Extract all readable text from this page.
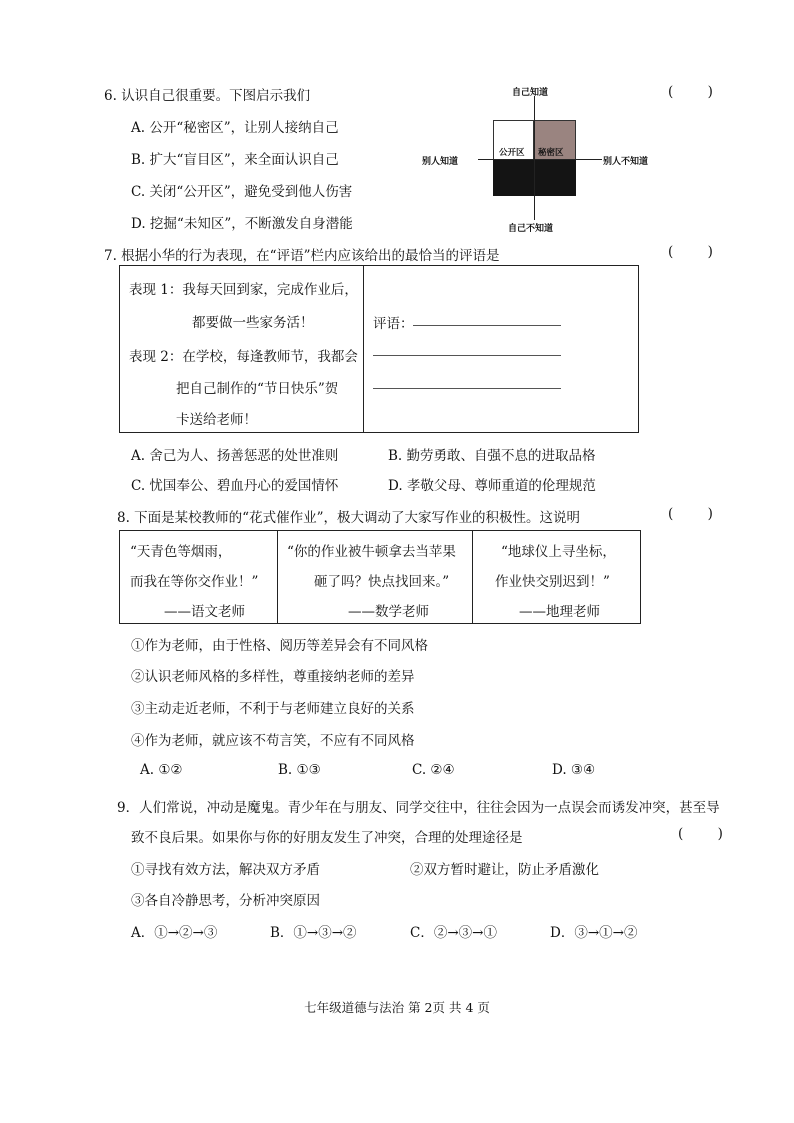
6. 认识自己很重要。下图启示我们	(        )
A. 公开“秘密区”，让别人接纳自己
B. 扩大“盲目区”，来全面认识自己
C. 关闭“公开区”，避免受到他人伤害
D. 挖掘“未知区”，不断激发自身潜能
自己知道
自己不知道
别人知道	别人不知道
公开区 秘密区
7. 根据小华的行为表现，在“评语”栏内应该给出的最恰当的评语是	(        )
表现 1：我每天回到家，完成作业后，
都要做一些家务活！
表现 2：在学校，每逢教师节，我都会
把自己制作的“节日快乐”贺
卡送给老师！
评语：
A. 舍己为人、扬善惩恶的处世准则	B. 勤劳勇敢、自强不息的进取品格
C. 忧国奉公、碧血丹心的爱国情怀	D. 孝敬父母、尊师重道的伦理规范
8. 下面是某校教师的“花式催作业”，极大调动了大家写作业的积极性。这说明	(        )
“天青色等烟雨，
而我在等你交作业！”
——语文老师
“你的作业被牛顿拿去当苹果
砸了吗？快点找回来。”
——数学老师
“地球仪上寻坐标，
作业快交别迟到！”
——地理老师
①作为老师，由于性格、阅历等差异会有不同风格
②认识老师风格的多样性，尊重接纳老师的差异
③主动走近老师，不利于与老师建立良好的关系
④作为老师，就应该不苟言笑，不应有不同风格
A. ①②	B. ①③	C. ②④	D. ③④
9．人们常说，冲动是魔鬼。青少年在与朋友、同学交往中，往往会因为一点误会而诱发冲突，甚至导
致不良后果。如果你与你的好朋友发生了冲突，合理的处理途径是	(        )
①寻找有效方法，解决双方矛盾	②双方暂时避让，防止矛盾激化
③各自冷静思考，分析冲突原因
A．①→②→③	B．①→③→②	C．②→③→①	D．③→①→②
七年级道德与法治 第 2页 共 4 页
